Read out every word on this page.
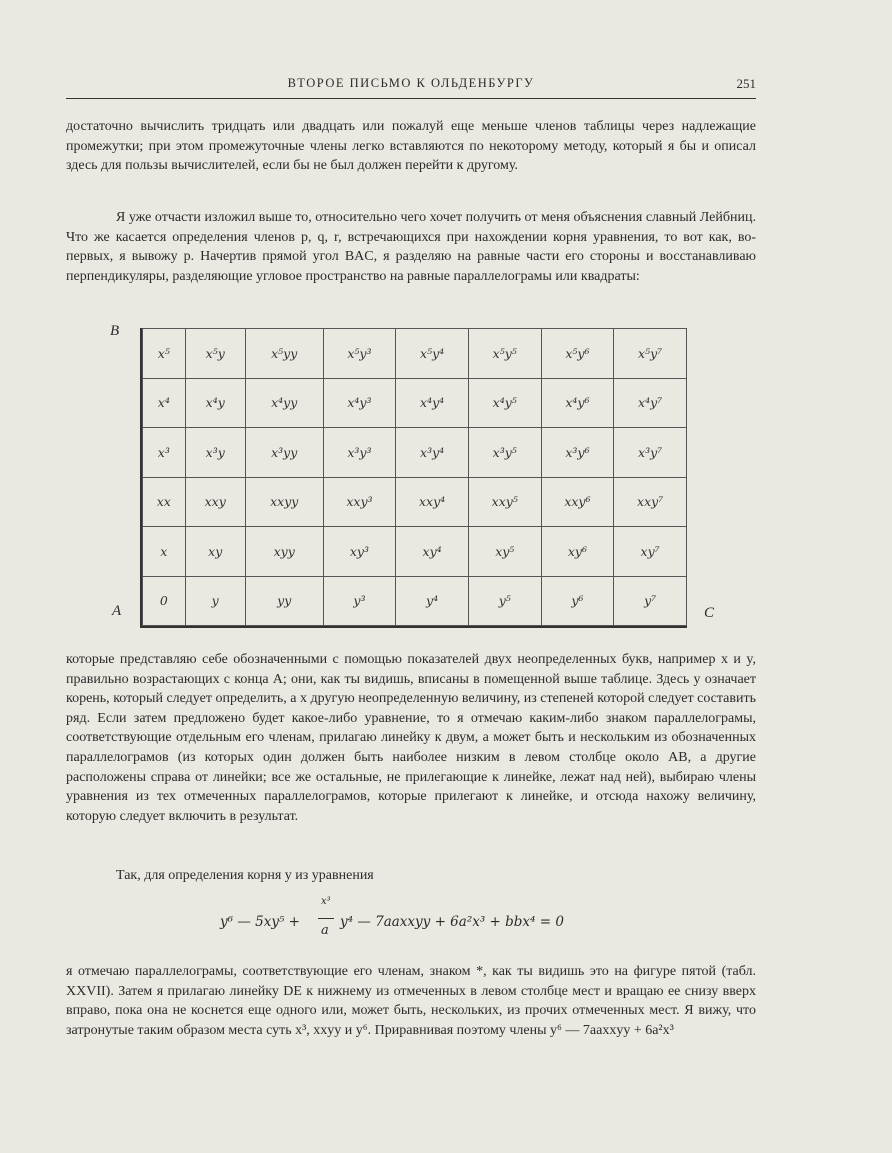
ВТОРОЕ ПИСЬМО К ОЛЬДЕНБУРГУ	251

достаточно вычислить тридцать или двадцать или пожалуй еще меньше членов таблицы через надлежащие промежутки; при этом промежуточные члены легко вставляются по некоторому методу, который я бы и описал здесь для пользы вычислителей, если бы не был должен перейти к другому.

Я уже отчасти изложил выше то, относительно чего хочет получить от меня объяснения славный Лейбниц. Что же касается определения членов p, q, r, встречающихся при нахождении корня уравнения, то вот как, во-первых, я вывожу p. Начертив прямой угол BAC, я разделяю на равные части его стороны и восстанавливаю перпендикуляры, разделяющие угловое пространство на равные параллелограмы или квадраты:

B
A	C
x⁵	x⁵y	x⁵yy	x⁵y³	x⁵y⁴	x⁵y⁵	x⁵y⁶	x⁵y⁷
x⁴	x⁴y	x⁴yy	x⁴y³	x⁴y⁴	x⁴y⁵	x⁴y⁶	x⁴y⁷
x³	x³y	x³yy	x³y³	x³y⁴	x³y⁵	x³y⁶	x³y⁷
xx	xxy	xxyy	xxy³	xxy⁴	xxy⁵	xxy⁶	xxy⁷
x	xy	xyy	xy³	xy⁴	xy⁵	xy⁶	xy⁷
0	y	yy	y³	y⁴	y⁵	y⁶	y⁷

которые представляю себе обозначенными с помощью показателей двух неопределенных букв, например x и y, правильно возрастающих с конца A; они, как ты видишь, вписаны в помещенной выше таблице. Здесь y означает корень, который следует определить, а x другую неопределенную величину, из степеней которой следует составить ряд. Если затем предложено будет какое-либо уравнение, то я отмечаю каким-либо знаком параллелограмы, соответствующие отдельным его членам, прилагаю линейку к двум, а может быть и нескольким из обозначенных параллелограмов (из которых один должен быть наиболее низким в левом столбце около AB, а другие расположены справа от линейки; все же остальные, не прилегающие к линейке, лежат над ней), выбираю члены уравнения из тех отмеченных параллелограмов, которые прилегают к линейке, и отсюда нахожу величину, которую следует включить в результат.

Так, для определения корня y из уравнения

y⁶ — 5xy⁵ +
x³
a
y⁴ — 7aaxxyy + 6a²x³ + bbx⁴ = 0

я отмечаю параллелограмы, соответствующие его членам, знаком *, как ты видишь это на фигуре пятой (табл. XXVII). Затем я прилагаю линейку DE к нижнему из отмеченных в левом столбце мест и вращаю ее снизу вверх вправо, пока она не коснется еще одного или, может быть, нескольких, из прочих отмеченных мест. Я вижу, что затронутые таким образом места суть x³, xxyy и y⁶. Приравнивая поэтому члены y⁶ — 7aaxxyy + 6a²x³
